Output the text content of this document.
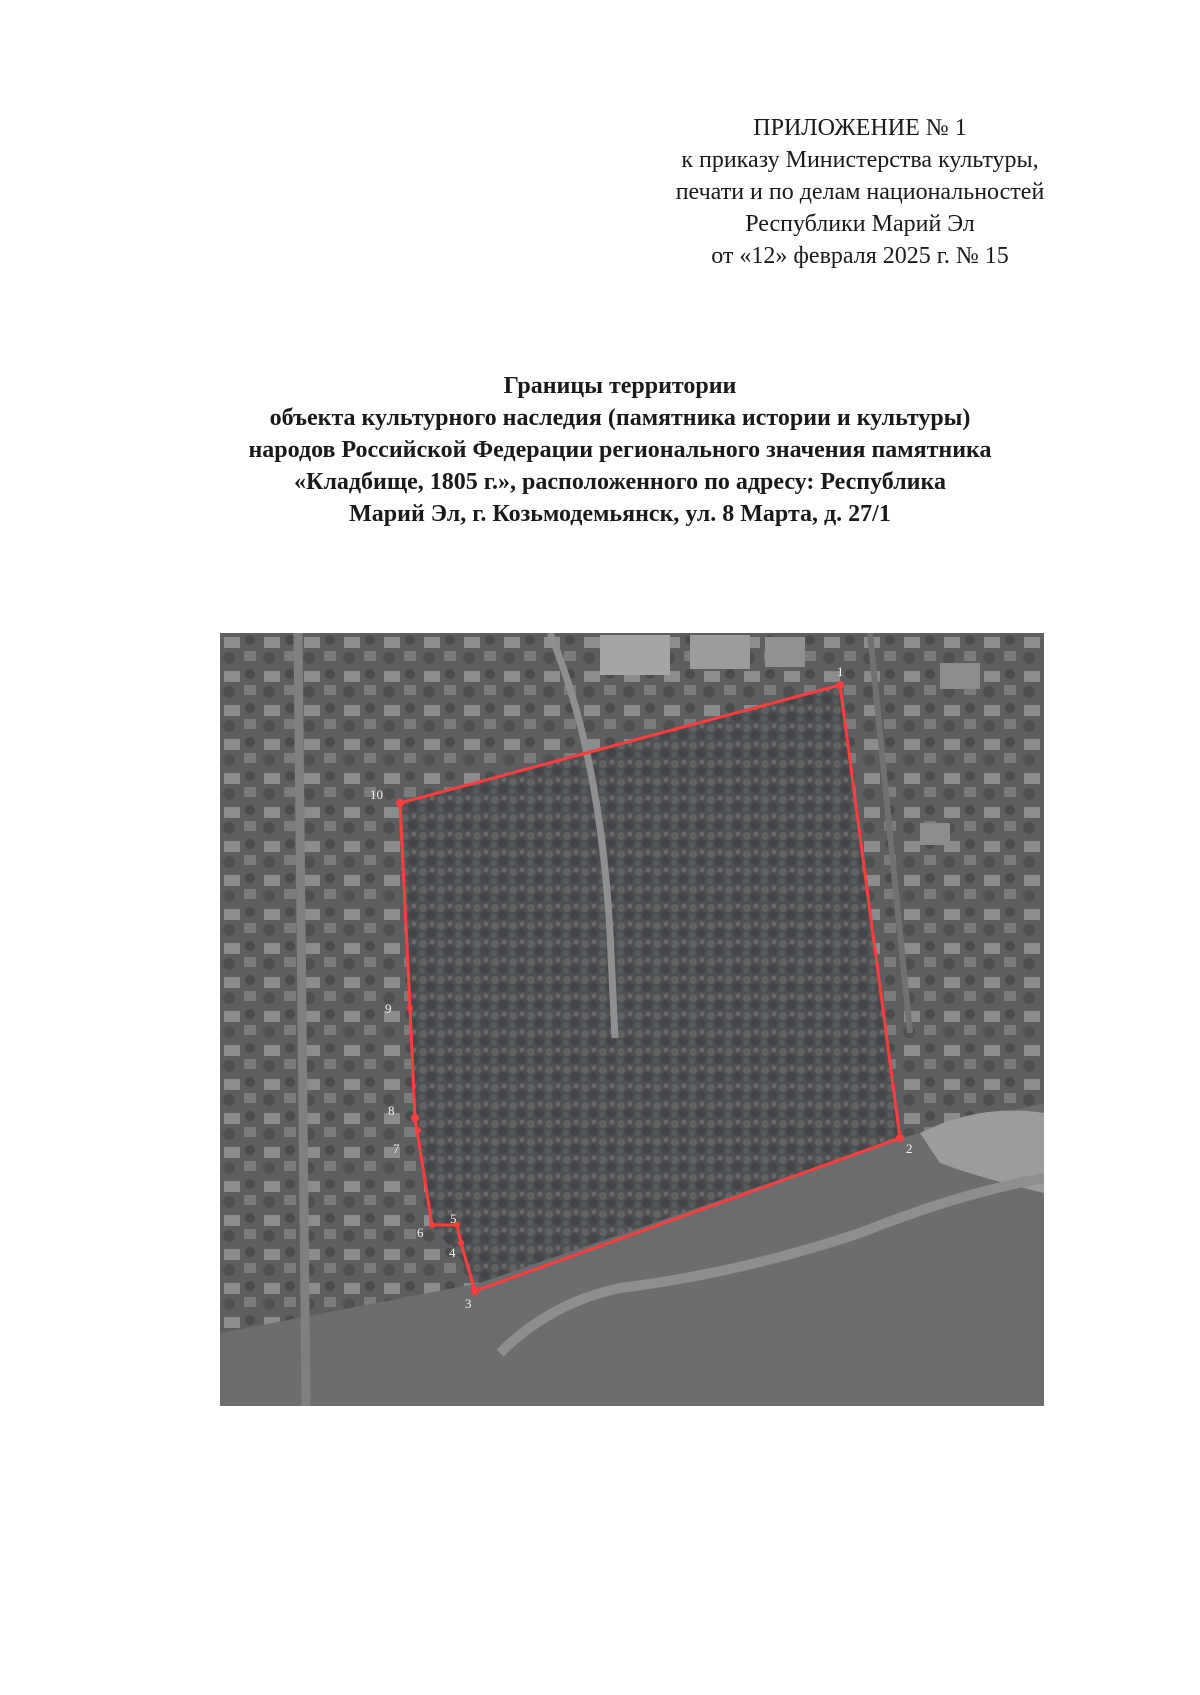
ПРИЛОЖЕНИЕ № 1
к приказу Министерства культуры,
печати и по делам национальностей
Республики Марий Эл
от «12» февраля 2025 г. № 15
Границы территории
объекта культурного наследия (памятника истории и культуры)
народов Российской Федерации регионального значения памятника
«Кладбище, 1805 г.», расположенного по адресу: Республика
Марий Эл, г. Козьмодемьянск, ул. 8 Марта, д. 27/1
1
2
3
4
5
6
7
8
9
10
